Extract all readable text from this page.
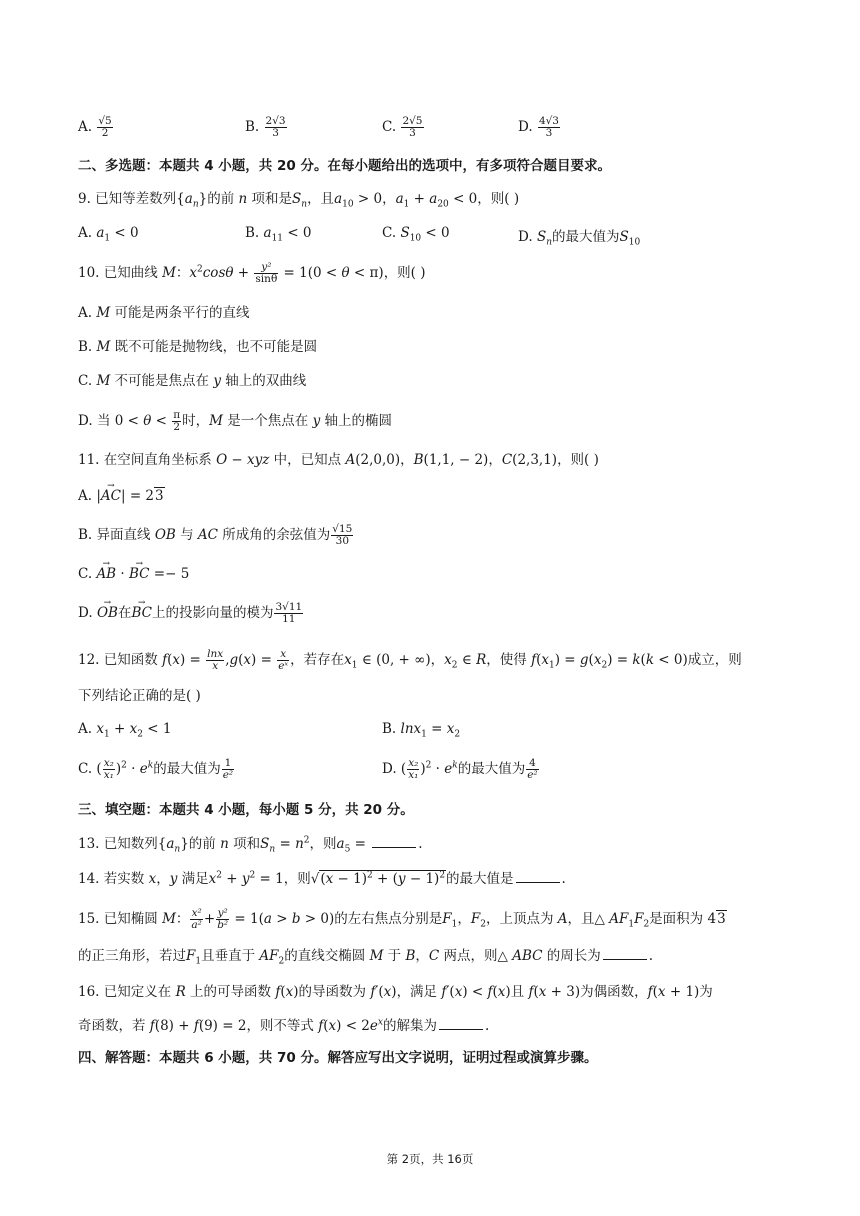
A. $\frac{√5}{2}$	B. $\frac{2√3}{3}$	C. $\frac{2√5}{3}$	D. $\frac{4√3}{3}$
二、多选题：本题共 4 小题，共 20 分。在每小题给出的选项中，有多项符合题目要求。
9. 已知等差数列$\{a_n\}$的前 n 项和是$S_n$，且$a_{10} > 0$，$a_1 + a_{20} < 0$，则( )
A. $a_1 < 0$	B. $a_{11} < 0$	C. $S_{10} < 0$	D. $S_n$的最大值为$S_{10}$
10. 已知曲线 M：$x^2\cos\theta + \frac{\text{y²}}{\sin\theta} = 1(0 < \theta < \pi)$，则( )
A. M 可能是两条平行的直线
B. M 既不可能是抛物线，也不可能是圆
C. M 不可能是焦点在 y 轴上的双曲线
D. 当 $0 < \theta < \frac{\pi}{2}$ 时，M 是一个焦点在 y 轴上的椭圆
11. 在空间直角坐标系 O − xyz 中，已知点 A(2,0,0)，B(1,1, − 2)，C(2,3,1)，则( )
A. |→ AC| = 23
B. 异面直线 OB 与 AC 所成角的余弦值为 $\frac{√15}{30}$
C. → AB · → BC =− 5
D. → OB在→ BC上的投影向量的模为 $\frac{3√11}{11}$
12. 已知函数 $f(x) = \frac{\ln x}{x} ,g(x) = \frac{x}{\text{eˣ}}$ ，若存在$x_1$ ∈ (0, + ∞)，$x_2$ ∈ R，使得 $f(x_1) = g(x_2) = k(k < 0)$成立，则
下列结论正确的是( )
A. $x_1 + x_2 < 1$	B. $\ln x_1 = x_2$
C. ( $\frac{\text{x₂}}{\text{x₁}} )^2 \cdot e^k$的最大值为 $\frac{1}{\text{e²}}$	D. ( $\frac{\text{x₂}}{\text{x₁}} )^2 \cdot e^k$的最大值为 $\frac{4}{\text{e²}}$
三、填空题：本题共 4 小题，每小题 5 分，共 20 分。
13. 已知数列$\{a_n\}$的前 n 项和$S_n = n^2$，则$a_5$ =	.
14. 若实数 x，y 满足$x^2 + y^2 = 1$，则$√(x - 1)^2 + (y - 1)^2$的最大值是	.
15. 已知椭圆 M： $\frac{\text{x²}}{\text{a²}} + \frac{\text{y²}}{\text{b²}} = 1(a > b > 0)$的左右焦点分别是$F_1$，$F_2$，上顶点为 A，且△ $AF_1F_2$是面积为 43
的正三角形，若过$F_1$且垂直于 $AF_2$的直线交椭圆 M 于 B，C 两点，则△ ABC 的周长为	.
16. 已知定义在 R 上的可导函数 f(x)的导函数为 f′(x)，满足 f′(x) < f(x)且 f(x + 3)为偶函数，f(x + 1)为
奇函数，若 f(8) + f(9) = 2，则不等式 $f(x) < 2e^x$的解集为	.
四、解答题：本题共 6 小题，共 70 分。解答应写出文字说明，证明过程或演算步骤。
第 2页，共 16页
